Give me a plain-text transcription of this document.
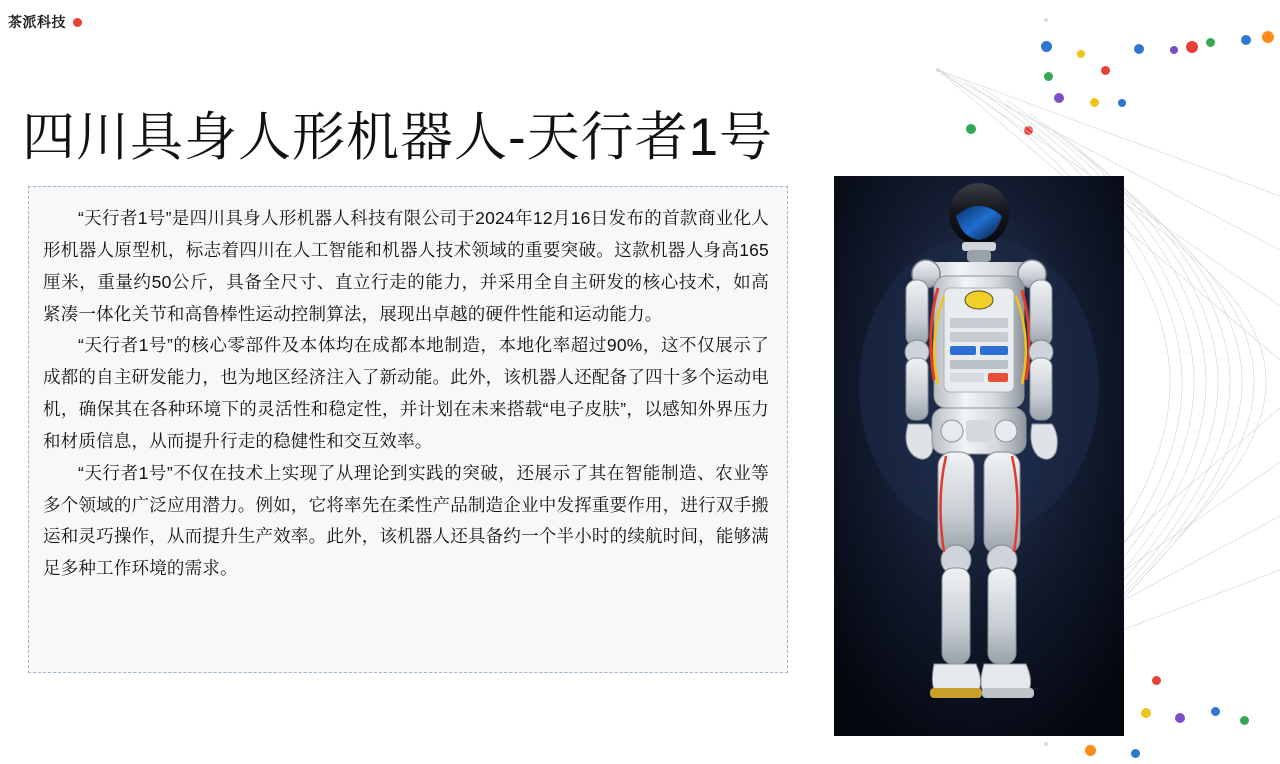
茶派科技
四川具身人形机器人-天行者1号

“天行者1号”是四川具身人形机器人科技有限公司于2024年12月16日发布的首款商业化人形机器人原型机，标志着四川在人工智能和机器人技术领域的重要突破。这款机器人身高165厘米，重量约50公斤，具备全尺寸、直立行走的能力，并采用全自主研发的核心技术，如高紧凑一体化关节和高鲁棒性运动控制算法，展现出卓越的硬件性能和运动能力。

“天行者1号”的核心零部件及本体均在成都本地制造，本地化率超过90%，这不仅展示了成都的自主研发能力，也为地区经济注入了新动能。此外，该机器人还配备了四十多个运动电机，确保其在各种环境下的灵活性和稳定性，并计划在未来搭载“电子皮肤”，以感知外界压力和材质信息，从而提升行走的稳健性和交互效率。

“天行者1号”不仅在技术上实现了从理论到实践的突破，还展示了其在智能制造、农业等多个领域的广泛应用潜力。例如，它将率先在柔性产品制造企业中发挥重要作用，进行双手搬运和灵巧操作，从而提升生产效率。此外，该机器人还具备约一个半小时的续航时间，能够满足多种工作环境的需求。
